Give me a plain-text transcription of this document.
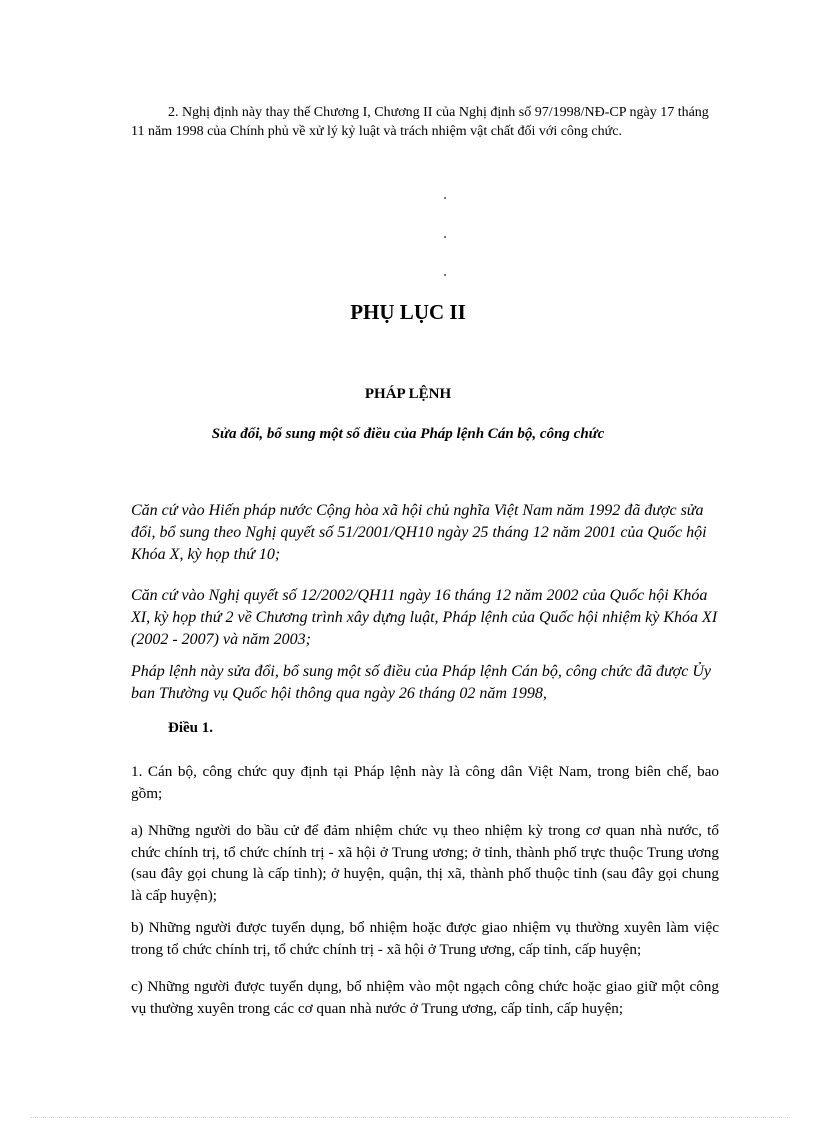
2. Nghị định này thay thế Chương I, Chương II của Nghị định số 97/1998/NĐ-CP ngày 17 tháng 11 năm 1998 của Chính phủ về xử lý kỷ luật và trách nhiệm vật chất đối với công chức.

PHỤ LỤC II
PHÁP LỆNH
Sửa đổi, bổ sung một số điều của Pháp lệnh Cán bộ, công chức

Căn cứ vào Hiến pháp nước Cộng hòa xã hội chủ nghĩa Việt Nam năm 1992 đã được sửa đổi, bổ sung theo Nghị quyết số 51/2001/QH10 ngày 25 tháng 12 năm 2001 của Quốc hội Khóa X, kỳ họp thứ 10;

Căn cứ vào Nghị quyết số 12/2002/QH11 ngày 16 tháng 12 năm 2002 của Quốc hội Khóa XI, kỳ họp thứ 2 về Chương trình xây dựng luật, Pháp lệnh của Quốc hội nhiệm kỳ Khóa XI (2002 - 2007) và năm 2003;

Pháp lệnh này sửa đổi, bổ sung một số điều của Pháp lệnh Cán bộ, công chức đã được Ủy ban Thường vụ Quốc hội thông qua ngày 26 tháng 02 năm 1998,

Điều 1.

1. Cán bộ, công chức quy định tại Pháp lệnh này là công dân Việt Nam, trong biên chế, bao gồm;

a) Những người do bầu cử để đảm nhiệm chức vụ theo nhiệm kỳ trong cơ quan nhà nước, tổ chức chính trị, tổ chức chính trị - xã hội ở Trung ương; ở tỉnh, thành phố trực thuộc Trung ương (sau đây gọi chung là cấp tỉnh); ở huyện, quận, thị xã, thành phố thuộc tỉnh (sau đây gọi chung là cấp huyện);

b) Những người được tuyển dụng, bổ nhiệm hoặc được giao nhiệm vụ thường xuyên làm việc trong tổ chức chính trị, tổ chức chính trị - xã hội ở Trung ương, cấp tỉnh, cấp huyện;

c) Những người được tuyển dụng, bổ nhiệm vào một ngạch công chức hoặc giao giữ một công vụ thường xuyên trong các cơ quan nhà nước ở Trung ương, cấp tỉnh, cấp huyện;
